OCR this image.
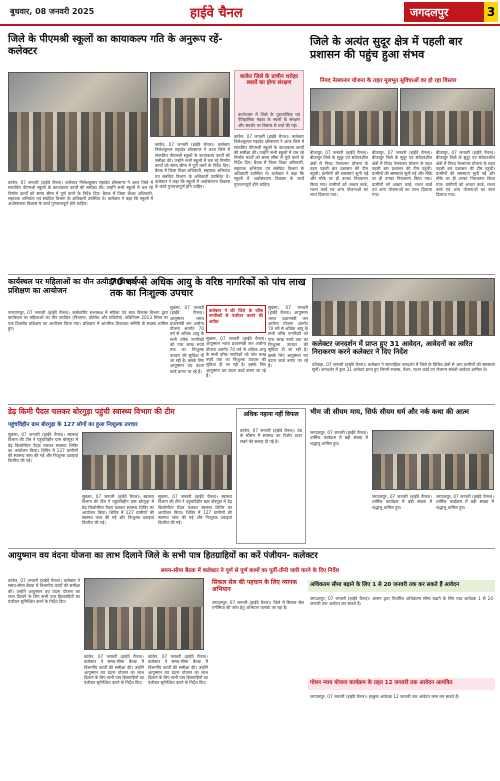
बुधवार, 08 जनवरी 2025	हाईवे चैनल	जगदलपुर	3
जिले के पीएमश्री स्कूलों का कायाकल्प गति के अनुरूप रहें- कलेक्टर
कांकेर, 07 जनवरी (हाईवे चैनल)। कलेक्टर निलेशकुमार महादेव क्षीरसागर ने आज जिले में संचालित पीएमश्री स्कूलों के कायाकल्प कार्यों की समीक्षा की। उन्होंने सभी स्कूलों में चल रहे निर्माण कार्यों को समय सीमा में पूर्ण करने के निर्देश दिए। बैठक में जिला शिक्षा अधिकारी, सहायक अभियंता एवं संबंधित विभाग के अधिकारी उपस्थित थे। कलेक्टर ने कहा कि स्कूलों में अधोसंरचना विकास के कार्य गुणवत्तापूर्ण होने चाहिए।
कांकेर, 07 जनवरी (हाईवे चैनल)। कलेक्टर निलेशकुमार महादेव क्षीरसागर ने आज जिले में संचालित पीएमश्री स्कूलों के कायाकल्प कार्यों की समीक्षा की। उन्होंने सभी स्कूलों में चल रहे निर्माण कार्यों को समय सीमा में पूर्ण करने के निर्देश दिए। बैठक में जिला शिक्षा अधिकारी, सहायक अभियंता एवं संबंधित विभाग के अधिकारी उपस्थित थे। कलेक्टर ने कहा कि स्कूलों में अधोसंरचना विकास के कार्य गुणवत्तापूर्ण होने चाहिए।
कांकेर जिले के प्राचीन धरोहर स्थलों का होगा संरक्षण
कार्यशाला में जिले के पुरातात्विक एवं ऐतिहासिक महत्व के स्थलों के संरक्षण और संवर्धन पर विस्तार से चर्चा की गई।
कांकेर, 07 जनवरी (हाईवे चैनल)। कलेक्टर निलेशकुमार महादेव क्षीरसागर ने आज जिले में संचालित पीएमश्री स्कूलों के कायाकल्प कार्यों की समीक्षा की। उन्होंने सभी स्कूलों में चल रहे निर्माण कार्यों को समय सीमा में पूर्ण करने के निर्देश दिए। बैठक में जिला शिक्षा अधिकारी, सहायक अभियंता एवं संबंधित विभाग के अधिकारी उपस्थित थे। कलेक्टर ने कहा कि स्कूलों में अधोसंरचना विकास के कार्य गुणवत्तापूर्ण होने चाहिए।
जिले के अत्यंत सुदूर क्षेत्र में पहली बार प्रशासन की पहुंच हुआ संभव
नियद नेल्लानार योजना के तहत मूलभूत सुविधाओं का हो रहा विस्तार
बीजापुर, 07 जनवरी (हाईवे चैनल)। बीजापुर जिले के सुदूर एवं संवेदनशील क्षेत्रों में नियद नेल्लानार योजना के तहत पहली बार प्रशासन की टीम पहुंची। ग्रामीणों की समस्याएं सुनी गईं और मौके पर ही उनका निराकरण किया गया। ग्रामीणों को आधार कार्ड, राशन कार्ड एवं अन्य योजनाओं का लाभ दिलाया गया।
बीजापुर, 07 जनवरी (हाईवे चैनल)। बीजापुर जिले के सुदूर एवं संवेदनशील क्षेत्रों में नियद नेल्लानार योजना के तहत पहली बार प्रशासन की टीम पहुंची। ग्रामीणों की समस्याएं सुनी गईं और मौके पर ही उनका निराकरण किया गया। ग्रामीणों को आधार कार्ड, राशन कार्ड एवं अन्य योजनाओं का लाभ दिलाया गया।
बीजापुर, 07 जनवरी (हाईवे चैनल)। बीजापुर जिले के सुदूर एवं संवेदनशील क्षेत्रों में नियद नेल्लानार योजना के तहत पहली बार प्रशासन की टीम पहुंची। ग्रामीणों की समस्याएं सुनी गईं और मौके पर ही उनका निराकरण किया गया। ग्रामीणों को आधार कार्ड, राशन कार्ड एवं अन्य योजनाओं का लाभ दिलाया गया।
कार्यस्थल पर महिलाओं का यौन उत्पीड़न विषय पर प्रशिक्षण का आयोजन
नारायणपुर, 07 जनवरी (हाईवे चैनल)। कलेक्टोरेट सभाकक्ष में महिला एवं बाल विकास विभाग द्वारा कार्यस्थल पर महिलाओं का यौन उत्पीड़न (निवारण, प्रतिषेध और प्रतितोष) अधिनियम 2013 विषय पर एक दिवसीय प्रशिक्षण का आयोजन किया गया। प्रशिक्षण में आंतरिक शिकायत समिति के सदस्य शामिल हुए।
70 वर्ष से अधिक आयु के वरिष्ठ नागरिकों को पांच लाख तक का निःशुल्क उपचार
कलेक्टर ने की जिले के वरिष्ठ नागरिकों से पंजीयन कराने की अपील
सुकमा, 07 जनवरी (हाईवे चैनल)। आयुष्मान भारत प्रधानमंत्री जन आरोग्य योजना अंतर्गत 70 वर्ष से अधिक आयु के सभी वरिष्ठ नागरिकों को पांच लाख रुपये तक का निःशुल्क उपचार की सुविधा दी जा रही है। इसके लिए आयुष्मान वय वंदना कार्ड बनाए जा रहे हैं।
सुकमा, 07 जनवरी (हाईवे चैनल)। आयुष्मान भारत प्रधानमंत्री जन आरोग्य योजना अंतर्गत 70 वर्ष से अधिक आयु के सभी वरिष्ठ नागरिकों को पांच लाख रुपये तक का निःशुल्क उपचार की सुविधा दी जा रही है। इसके लिए आयुष्मान वय वंदना कार्ड बनाए जा रहे हैं।
सुकमा, 07 जनवरी (हाईवे चैनल)। आयुष्मान भारत प्रधानमंत्री जन आरोग्य योजना अंतर्गत 70 वर्ष से अधिक आयु के सभी वरिष्ठ नागरिकों को पांच लाख रुपये तक का निःशुल्क उपचार की सुविधा दी जा रही है। इसके लिए आयुष्मान वय वंदना कार्ड बनाए जा रहे हैं।
कलेक्टर जनदर्शन में प्राप्त हुए 31 आवेदन, आवेदनों का त्वरित निराकरण करने कलेक्टर ने दिए निर्देश
दंतेवाड़ा, 07 जनवरी (हाईवे चैनल)। कलेक्टर ने साप्ताहिक जनदर्शन में जिले के विभिन्न क्षेत्रों से आए ग्रामीणों की समस्याएं सुनीं। जनदर्शन में कुल 31 आवेदन प्राप्त हुए जिनमें राजस्व, पेंशन, राशन कार्ड एवं रोजगार संबंधी आवेदन शामिल थे।
डेढ़ किमी पैदल चलकर बोरगुड़ा पहुंची स्वास्थ्य विभाग की टीम
पहुंचविहीन ग्राम बोरगुड़ा के 127 लोगों का हुआ निःशुल्क उपचार
सुकमा, 07 जनवरी (हाईवे चैनल)। स्वास्थ्य विभाग की टीम ने पहुंचविहीन ग्राम बोरगुड़ा में डेढ़ किलोमीटर पैदल चलकर स्वास्थ्य शिविर का आयोजन किया। शिविर में 127 ग्रामीणों की स्वास्थ्य जांच की गई और निःशुल्क दवाइयां वितरित की गईं।
सुकमा, 07 जनवरी (हाईवे चैनल)। स्वास्थ्य विभाग की टीम ने पहुंचविहीन ग्राम बोरगुड़ा में डेढ़ किलोमीटर पैदल चलकर स्वास्थ्य शिविर का आयोजन किया। शिविर में 127 ग्रामीणों की स्वास्थ्य जांच की गई और निःशुल्क दवाइयां वितरित की गईं।
सुकमा, 07 जनवरी (हाईवे चैनल)। स्वास्थ्य विभाग की टीम ने पहुंचविहीन ग्राम बोरगुड़ा में डेढ़ किलोमीटर पैदल चलकर स्वास्थ्य शिविर का आयोजन किया। शिविर में 127 ग्रामीणों की स्वास्थ्य जांच की गई और निःशुल्क दवाइयां वितरित की गईं।
अधिक नहाना नहीं विफल
कांकेर, 07 जनवरी (हाईवे चैनल)। ठंड के मौसम में स्वास्थ्य का विशेष ध्यान रखने की सलाह दी गई है।
भीम जी सीयम माय, सिर्फ सीयम धर्म और नर्क कथा की आत्म
जगदलपुर, 07 जनवरी (हाईवे चैनल)। धार्मिक कार्यक्रम में बड़ी संख्या में श्रद्धालु शामिल हुए।
जगदलपुर, 07 जनवरी (हाईवे चैनल)। धार्मिक कार्यक्रम में बड़ी संख्या में श्रद्धालु शामिल हुए।
जगदलपुर, 07 जनवरी (हाईवे चैनल)। धार्मिक कार्यक्रम में बड़ी संख्या में श्रद्धालु शामिल हुए।
आयुष्मान वय वंदना योजना का लाभ दिलाने जिले के सभी पात्र हितग्राहियों का करें पंजीयन- कलेक्टर
समय-सीमा बैठक में कलेक्टर ने पूर्ण से पूर्ण कामों का पूर्ती-तीनी जारी करने के दिए निर्देश
कांकेर, 07 जनवरी (हाईवे चैनल)। कलेक्टर ने समय-सीमा बैठक में विभागीय कार्यों की समीक्षा की। उन्होंने आयुष्मान वय वंदना योजना का लाभ दिलाने के लिए सभी पात्र हितग्राहियों का पंजीयन सुनिश्चित करने के निर्देश दिए।
कांकेर, 07 जनवरी (हाईवे चैनल)। कलेक्टर ने समय-सीमा बैठक में विभागीय कार्यों की समीक्षा की। उन्होंने आयुष्मान वय वंदना योजना का लाभ दिलाने के लिए सभी पात्र हितग्राहियों का पंजीयन सुनिश्चित करने के निर्देश दिए।
कांकेर, 07 जनवरी (हाईवे चैनल)। कलेक्टर ने समय-सीमा बैठक में विभागीय कार्यों की समीक्षा की। उन्होंने आयुष्मान वय वंदना योजना का लाभ दिलाने के लिए सभी पात्र हितग्राहियों का पंजीयन सुनिश्चित करने के निर्देश दिए।
सिकल सेल की पहचान के लिए व्यापक अभियान
जगदलपुर, 07 जनवरी (हाईवे चैनल)। जिले में सिकल सेल एनीमिया की जांच हेतु अभियान चलाया जा रहा है।
अधिकतम सीमा बढ़ाने के लिए 1 से 20 जनवरी तक कर सकते हैं आवेदन
जगदलपुर, 07 जनवरी (हाईवे चैनल)। शासन द्वारा निर्धारित अधिकतम सीमा बढ़ाने के लिए पात्र आवेदक 1 से 20 जनवरी तक आवेदन कर सकते हैं।
गोधन न्याय योजना कार्यक्रम के तहत 12 जनवरी तक आवेदन आमंत्रित
जगदलपुर, 07 जनवरी (हाईवे चैनल)। इच्छुक आवेदक 12 जनवरी तक आवेदन जमा कर सकते हैं।
